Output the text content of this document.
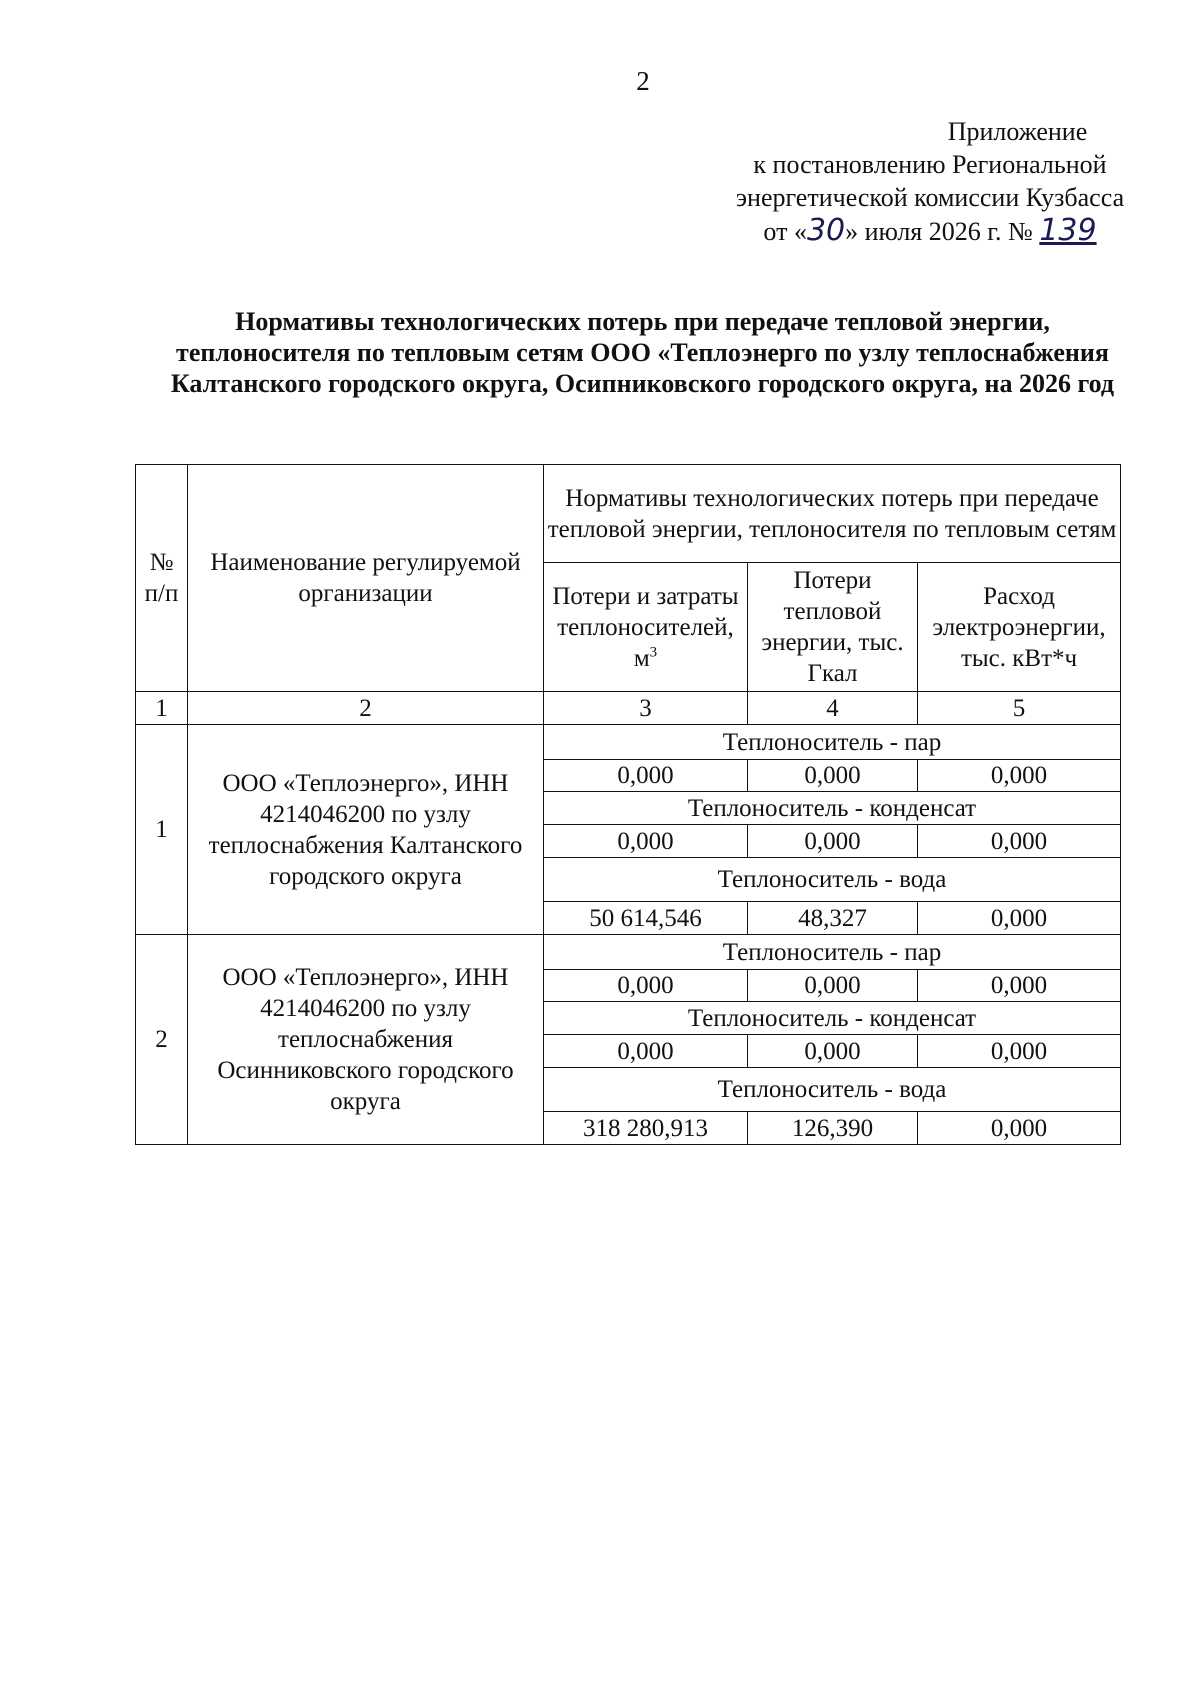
2
Приложение
к постановлению Региональной
энергетической комиссии Кузбасса
от «30» июля 2026 г. № 139
Нормативы технологических потерь при передаче тепловой энергии, теплоносителя по тепловым сетям ООО «Теплоэнерго по узлу теплоснабжения Калтанского городского округа, Осипниковского городского округа, на 2026 год
№ п/п	Наименование регулируемой организации	Нормативы технологических потерь при передаче тепловой энергии, теплоносителя по тепловым сетям		
		Потери и затраты теплоносителей, $м^3$	Потери тепловой энергии, тыс. Гкал	Расход электроэнергии, тыс. кВт*ч
1	2	3	4	5
1	ООО «Теплоэнерго», ИНН 4214046200 по узлу теплоснабжения Калтанского городского округа	Теплоноситель - пар		
		0,000	0,000	0,000
		Теплоноситель - конденсат		
		0,000	0,000	0,000
		Теплоноситель - вода		
		50 614,546	48,327	0,000
2	ООО «Теплоэнерго», ИНН 4214046200 по узлу теплоснабжения Осинниковского городского округа	Теплоноситель - пар		
		0,000	0,000	0,000
		Теплоноситель - конденсат		
		0,000	0,000	0,000
		Теплоноситель - вода		
		318 280,913	126,390	0,000
